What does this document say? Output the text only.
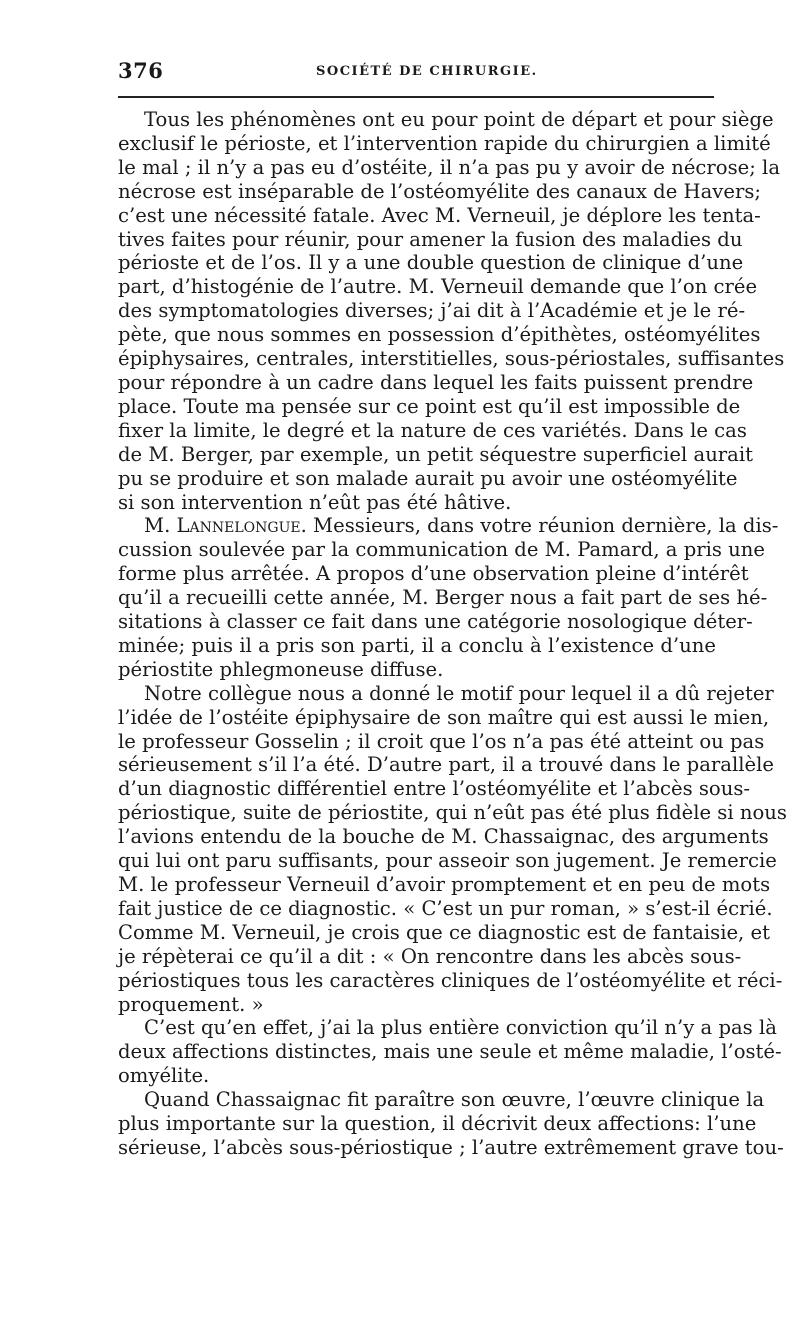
376	SOCIÉTÉ DE CHIRURGIE.

Tous les phénomènes ont eu pour point de départ et pour siège
exclusif le périoste, et l’intervention rapide du chirurgien a limité
le mal ; il n’y a pas eu d’ostéite, il n’a pas pu y avoir de nécrose; la
nécrose est inséparable de l’ostéomyélite des canaux de Havers;
c’est une nécessité fatale. Avec M. Verneuil, je déplore les tenta-
tives faites pour réunir, pour amener la fusion des maladies du
périoste et de l’os. Il y a une double question de clinique d’une
part, d’histogénie de l’autre. M. Verneuil demande que l’on crée
des symptomatologies diverses; j’ai dit à l’Académie et je le ré-
pète, que nous sommes en possession d’épithètes, ostéomyélites
épiphysaires, centrales, interstitielles, sous-périostales, suffisantes
pour répondre à un cadre dans lequel les faits puissent prendre
place. Toute ma pensée sur ce point est qu’il est impossible de
fixer la limite, le degré et la nature de ces variétés. Dans le cas
de M. Berger, par exemple, un petit séquestre superficiel aurait
pu se produire et son malade aurait pu avoir une ostéomyélite
si son intervention n’eût pas été hâtive.

M. Lannelongue. Messieurs, dans votre réunion dernière, la dis-
cussion soulevée par la communication de M. Pamard, a pris une
forme plus arrêtée. A propos d’une observation pleine d’intérêt
qu’il a recueilli cette année, M. Berger nous a fait part de ses hé-
sitations à classer ce fait dans une catégorie nosologique déter-
minée; puis il a pris son parti, il a conclu à l’existence d’une
périostite phlegmoneuse diffuse.

Notre collègue nous a donné le motif pour lequel il a dû rejeter
l’idée de l’ostéite épiphysaire de son maître qui est aussi le mien,
le professeur Gosselin ; il croit que l’os n’a pas été atteint ou pas
sérieusement s’il l’a été. D’autre part, il a trouvé dans le parallèle
d’un diagnostic différentiel entre l’ostéomyélite et l’abcès sous-
périostique, suite de périostite, qui n’eût pas été plus fidèle si nous
l’avions entendu de la bouche de M. Chassaignac, des arguments
qui lui ont paru suffisants, pour asseoir son jugement. Je remercie
M. le professeur Verneuil d’avoir promptement et en peu de mots
fait justice de ce diagnostic. « C’est un pur roman, » s’est-il écrié.
Comme M. Verneuil, je crois que ce diagnostic est de fantaisie, et
je répèterai ce qu’il a dit : « On rencontre dans les abcès sous-
périostiques tous les caractères cliniques de l’ostéomyélite et réci-
proquement. »

C’est qu’en effet, j’ai la plus entière conviction qu’il n’y a pas là
deux affections distinctes, mais une seule et même maladie, l’osté-
omyélite.

Quand Chassaignac fit paraître son œuvre, l’œuvre clinique la
plus importante sur la question, il décrivit deux affections: l’une
sérieuse, l’abcès sous-périostique ; l’autre extrêmement grave tou-
